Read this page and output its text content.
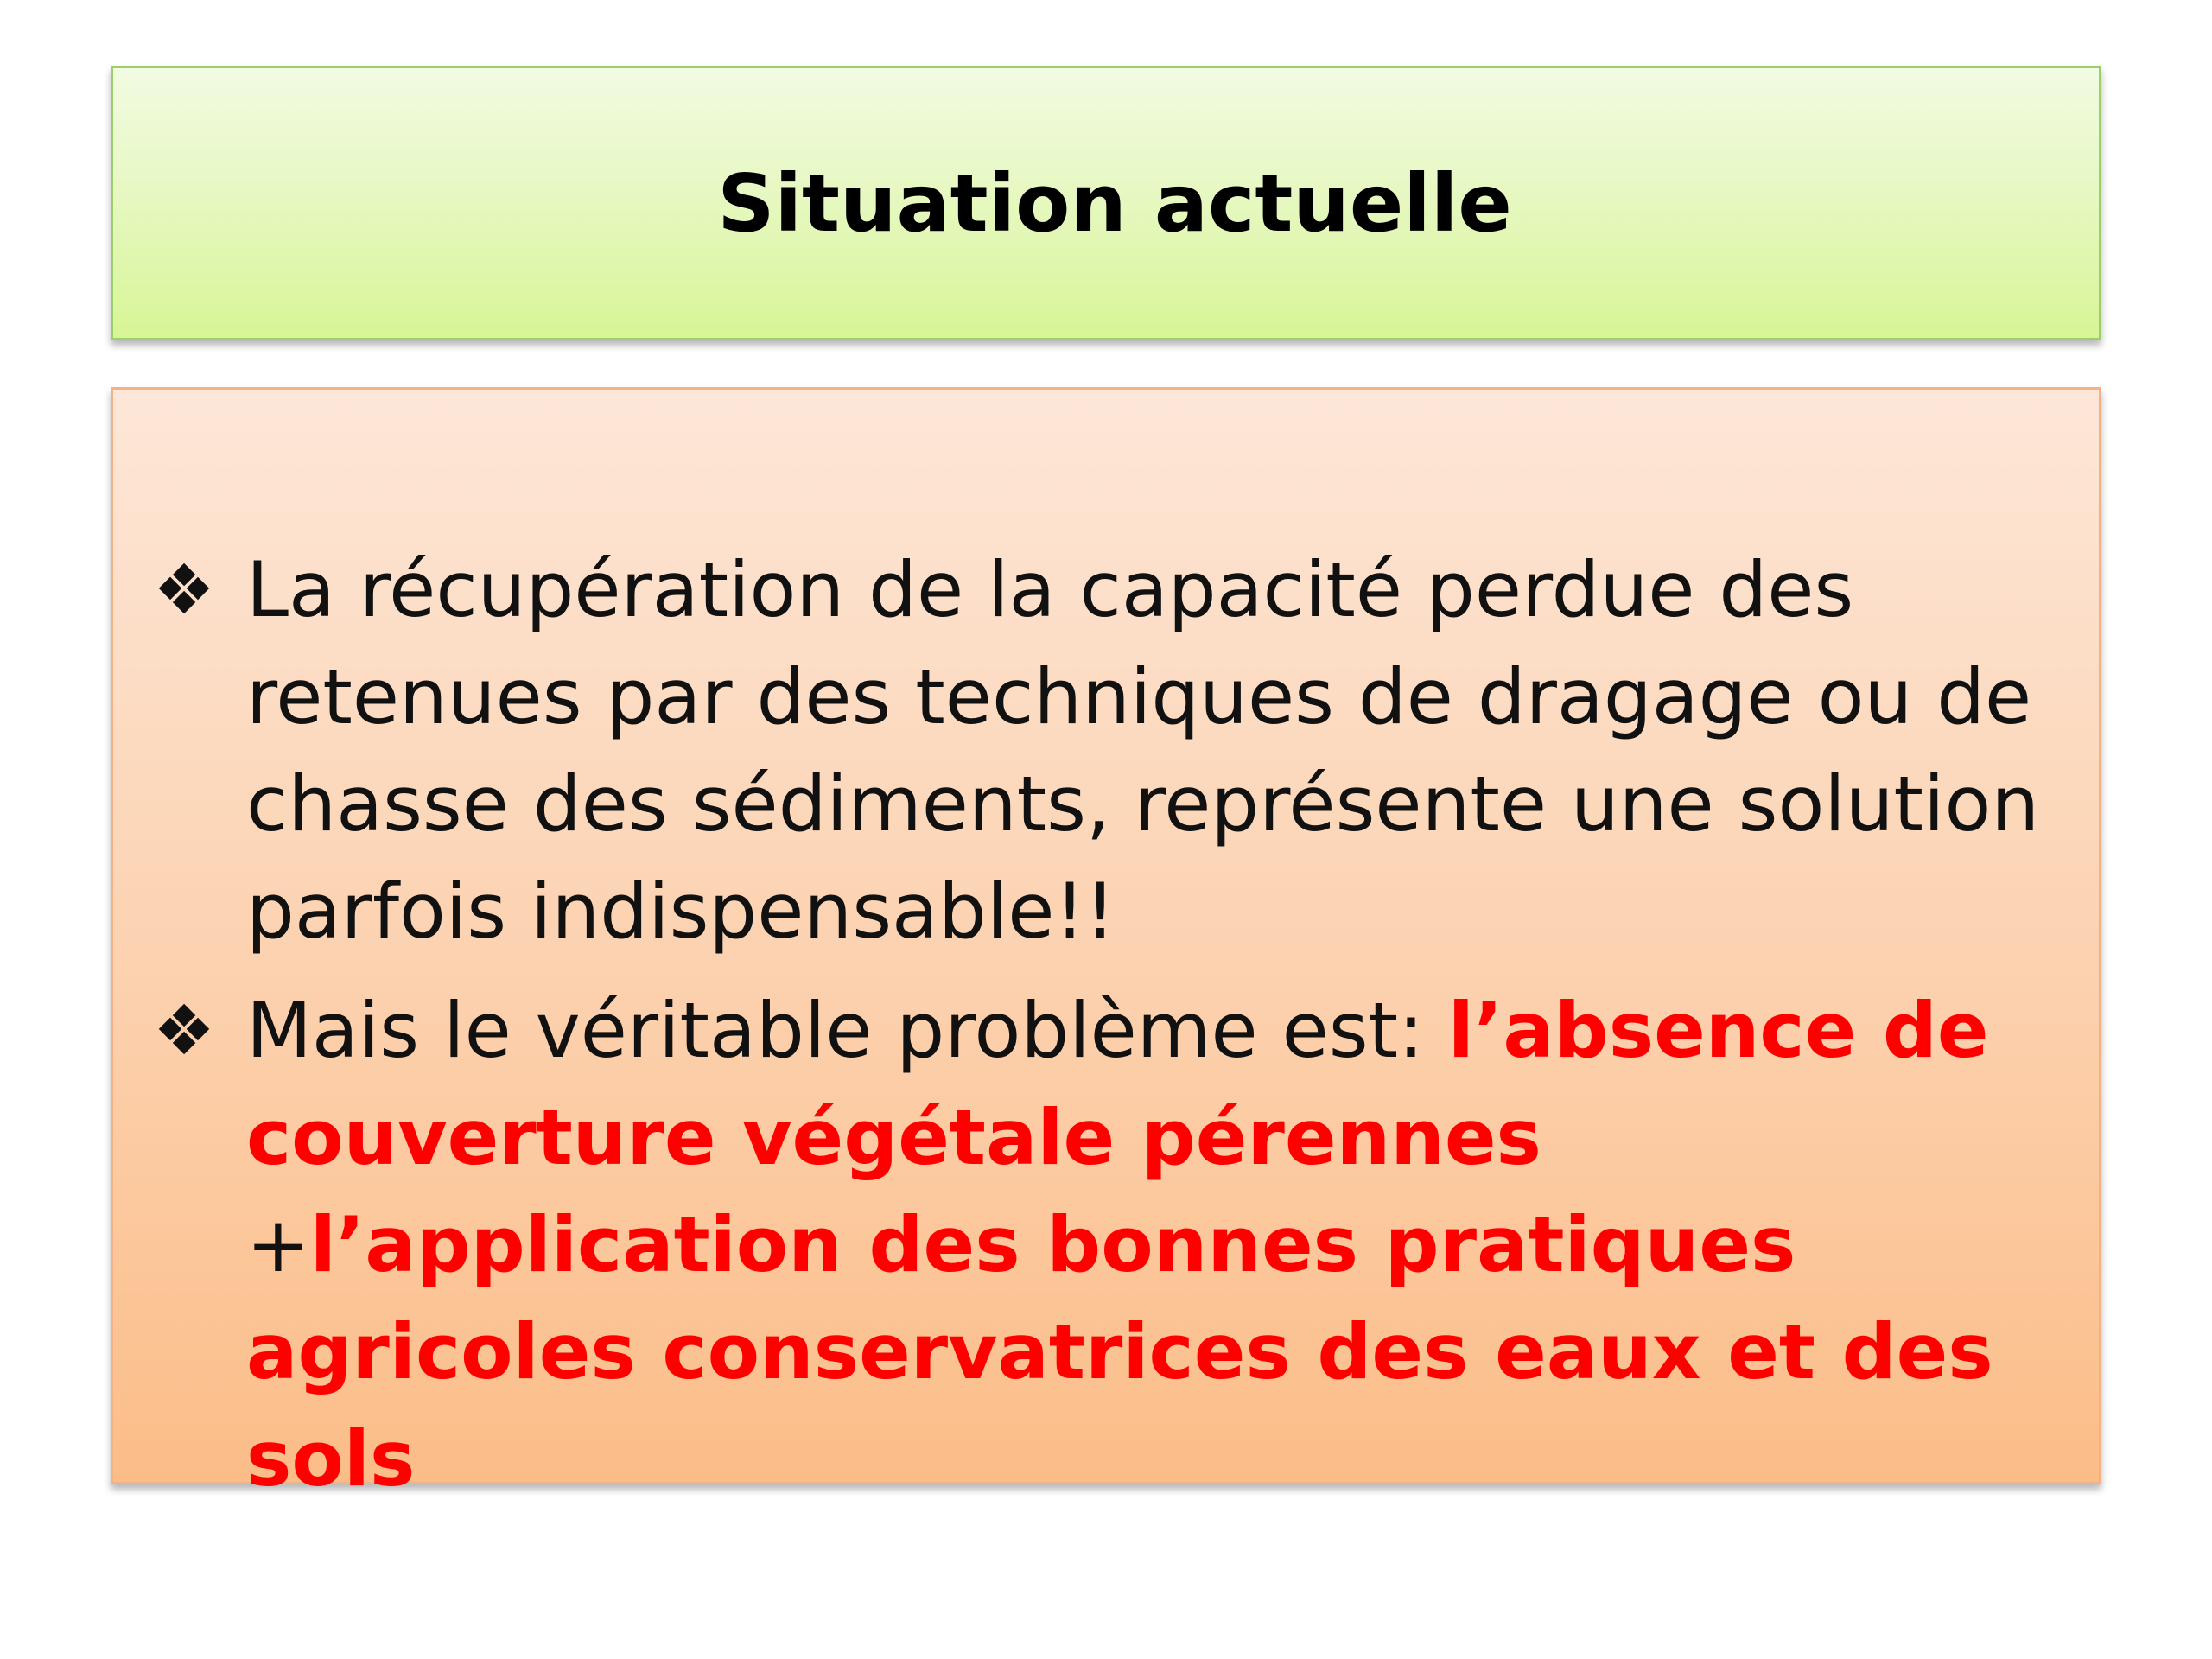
Situation actuelle
❖ La récupération de la capacité perdue des retenues par des techniques de dragage ou de chasse des sédiments, représente une solution parfois indispensable!!
❖ Mais le véritable problème est: l’absence de couverture végétale pérennes +l’application des bonnes pratiques agricoles conservatrices des eaux et des sols
